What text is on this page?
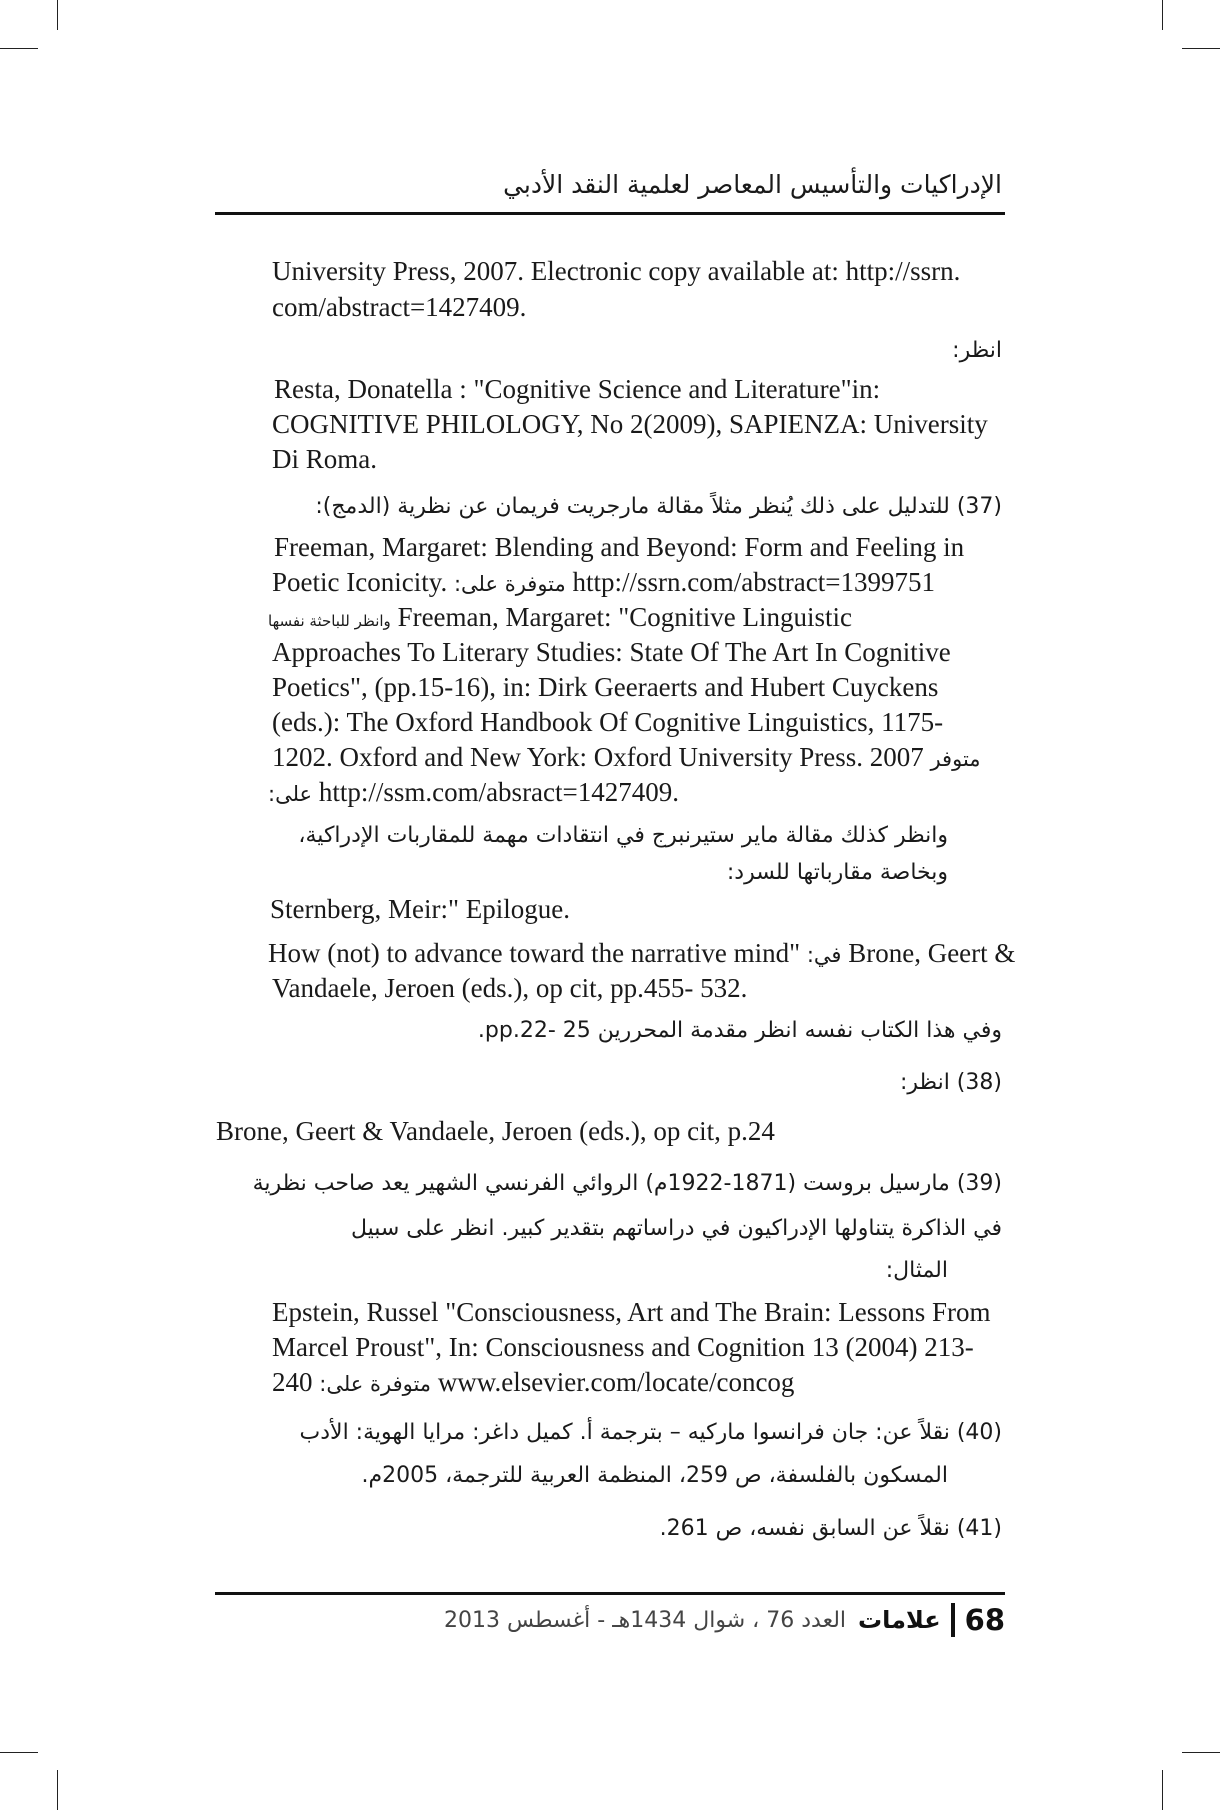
الإدراكيات والتأسيس المعاصر لعلمية النقد الأدبي

University Press, 2007. Electronic copy available at: http://ssrn.

com/abstract=1427409.

انظر:

Resta, Donatella : "Cognitive Science and Literature"in:

COGNITIVE PHILOLOGY, No 2(2009), SAPIENZA: University

Di Roma.

(37) للتدليل على ذلك يُنظر مثلاً مقالة مارجريت فريمان عن نظرية (الدمج):

Freeman, Margaret: Blending and Beyond: Form and Feeling in

Poetic Iconicity. متوفرة على: http://ssrn.com/abstract=1399751

وانظر للباحثة نفسها Freeman, Margaret: "Cognitive Linguistic

Approaches To Literary Studies: State Of The Art In Cognitive

Poetics", (pp.15-16), in: Dirk Geeraerts and Hubert Cuyckens

(eds.): The Oxford Handbook Of Cognitive Linguistics, 1175-

1202. Oxford and New York: Oxford University Press. 2007 متوفر

على: http://ssm.com/absract=1427409.

وانظر كذلك مقالة ماير ستيرنبرج في انتقادات مهمة للمقاربات الإدراكية،

وبخاصة مقارباتها للسرد:

Sternberg, Meir:" Epilogue.

How (not) to advance toward the narrative mind" في: Brone, Geert &

Vandaele, Jeroen (eds.), op cit, pp.455- 532.

وفي هذا الكتاب نفسه انظر مقدمة المحررين 25 -pp.22.

(38) انظر:

Brone, Geert & Vandaele, Jeroen (eds.), op cit, p.24

(39) مارسيل بروست (1871-1922م) الروائي الفرنسي الشهير يعد صاحب نظرية

في الذاكرة يتناولها الإدراكيون في دراساتهم بتقدير كبير. انظر على سبيل

المثال:

Epstein, Russel "Consciousness, Art and The Brain: Lessons From

Marcel Proust", In: Consciousness and Cognition 13 (2004) 213-

240 متوفرة على: www.elsevier.com/locate/concog

(40) نقلاً عن: جان فرانسوا ماركيه – بترجمة أ. كميل داغر: مرايا الهوية: الأدب

المسكون بالفلسفة، ص 259، المنظمة العربية للترجمة، 2005م.

(41) نقلاً عن السابق نفسه، ص 261.

68
علامات
العدد 76 ، شوال 1434هـ - أغسطس 2013
